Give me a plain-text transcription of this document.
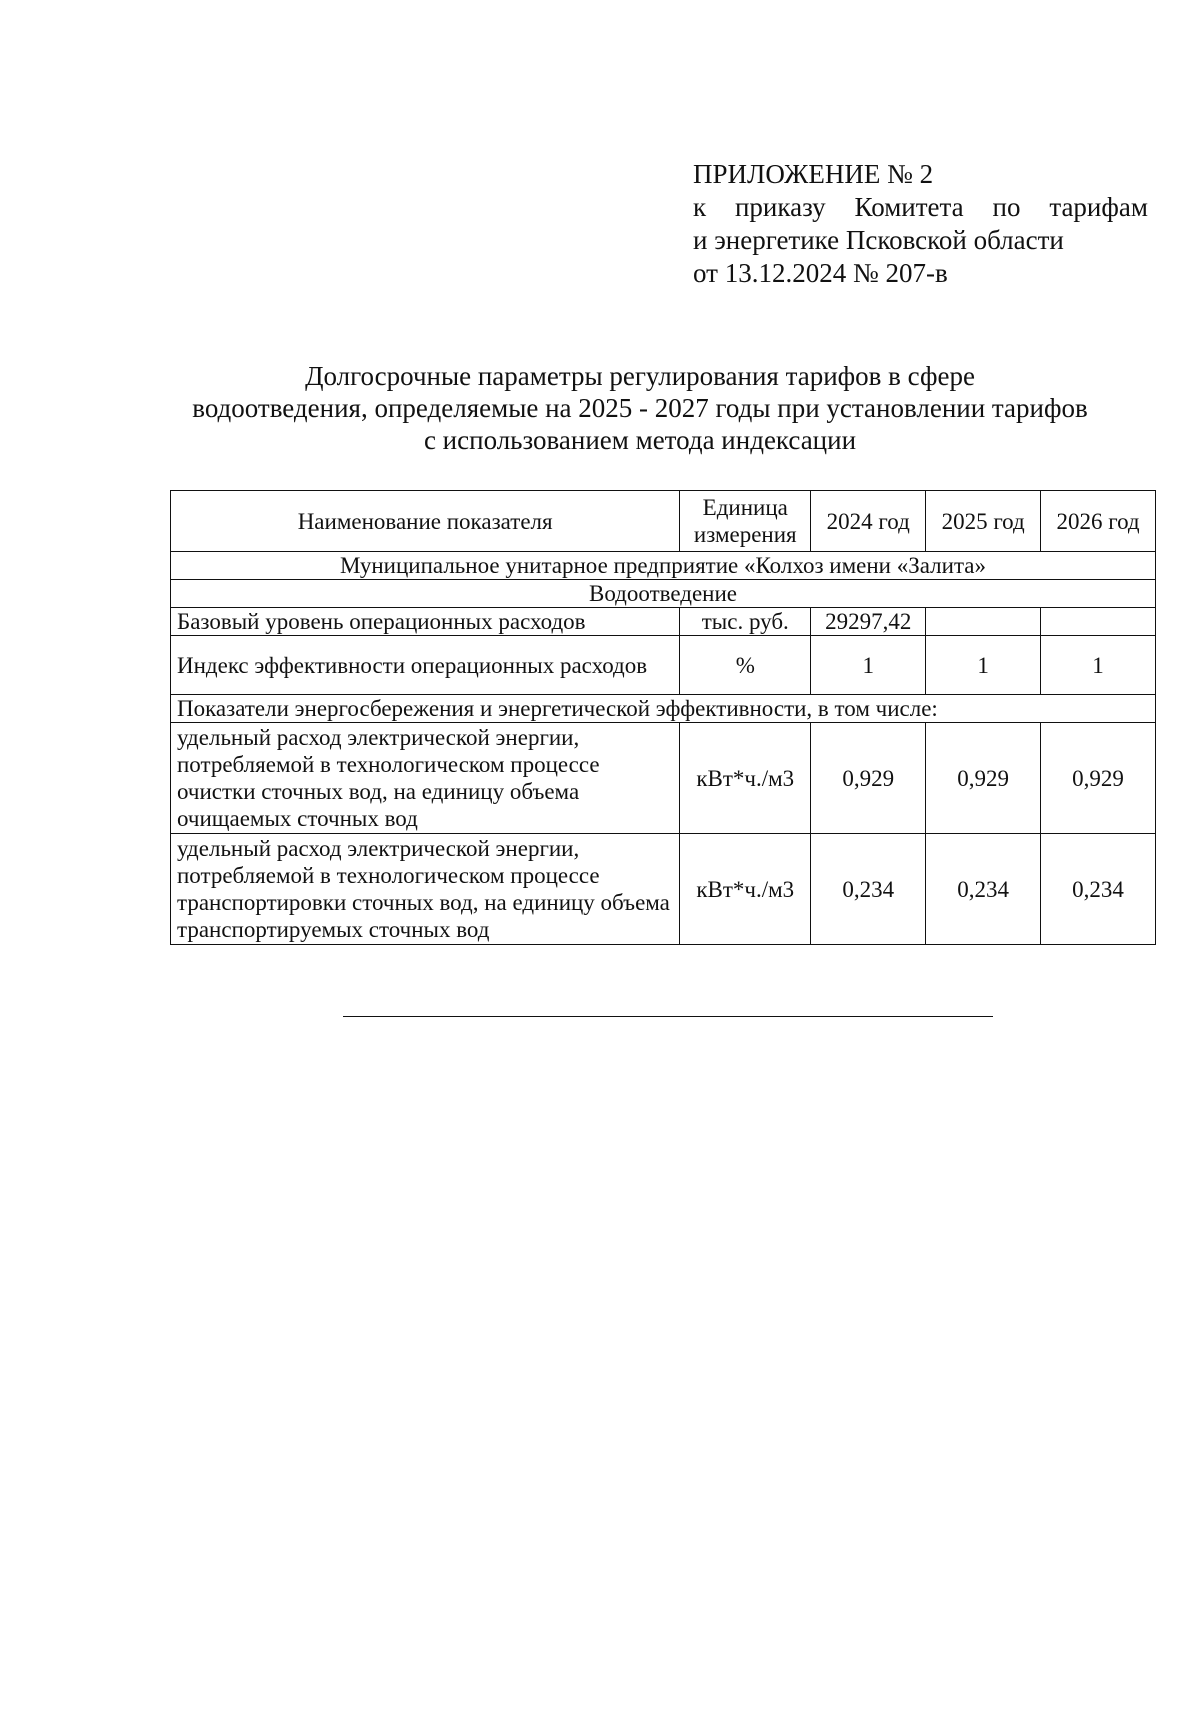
ПРИЛОЖЕНИЕ № 2
к приказу Комитета по тарифам
и энергетике Псковской области
от 13.12.2024 № 207-в
Долгосрочные параметры регулирования тарифов в сфере
водоотведения, определяемые на 2025 - 2027 годы при установлении тарифов
с использованием метода индексации
Наименование показателя	Единица измерения	2024 год	2025 год	2026 год
Муниципальное унитарное предприятие «Колхоз имени «Залита»				
Водоотведение				
Базовый уровень операционных расходов	тыс. руб.	29297,42		
Индекс эффективности операционных расходов	%	1	1	1
Показатели энергосбережения и энергетической эффективности, в том числе:				
удельный расход электрической энергии, потребляемой в технологическом процессе очистки сточных вод, на единицу объема очищаемых сточных вод	кВт*ч./м3	0,929	0,929	0,929
удельный расход электрической энергии, потребляемой в технологическом процессе транспортировки сточных вод, на единицу объема транспортируемых сточных вод	кВт*ч./м3	0,234	0,234	0,234
